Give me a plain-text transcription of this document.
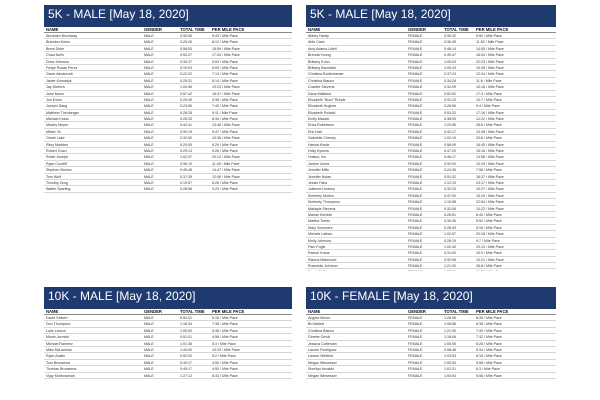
5K - MALE [May 18, 2020]
NAME	GENDER	TOTAL TIME	PER MILE PACE
Abraham Brockway	MALE	0:30:06	9:43 / Mile Pace
Brandon Kress	MALE	0:25:26	8:12 / Mile Pace
Brent Dube	MALE	0:58:53	18:59 / Mile Pace
Chad Nolin	MALE	0:54:27	17:34 / Mile Pace
Drew Johnson	MALE	0:30:37	9:53 / Mile Pace
Felipe Rosas Perez	MALE	0:19:03	6:09 / Mile Pace
Gavin Almanrodt	MALE	0:22:22	7:13 / Mile Pace
Javier Komadyk	MALE	0:25:31	8:14 / Mile Pace
Jay Dietrich	MALE	1:00:06	19:23 / Mile Pace
John Mann	MALE	0:57:42	18:37 / Mile Pace
Jon Exton	MALE	0:29:45	9:36 / Mile Pace
Joseph Dang	MALE	0:23:56	7:43 / Mile Pace
Matthew Theuberger	MALE	0:28:28	9:11 / Mile Pace
Michael Kraus	MALE	0:26:33	8:34 / Mile Pace
Mickey Meyer	MALE	0:42:41	13:46 / Mile Pace
Mister Ye	MALE	0:30:19	9:47 / Mile Pace
Omair Lake	MALE	0:32:50	10:36 / Mile Pace
Riley Madden	MALE	0:20:05	6:29 / Mile Pace
Robert Cosci	MALE	0:29:13	9:26 / Mile Pace
Robin Joseph	MALE	1:02:37	20:12 / Mile Pace
Ryan Cundiff	MALE	0:36:10	11:40 / Mile Pace
Stephen Morton	MALE	0:45:48	14:47 / Mile Pace
Tom Wolf	MALE	0:37:35	12:08 / Mile Pace
Timothy Zeng	MALE	0:19:57	6:26 / Mile Pace
Walter Sparling	MALE	0:28:56	9:20 / Mile Pace
5K - MALE [May 18, 2020]
NAME	GENDER	TOTAL TIME	PER MILE PACE
Abbey Hardy	FEMALE	0:30:32	9:50 / Mile Pace
Abbi Case	FEMALE	0:36:45	11:52 / Mile Pace
Amy Adams-Littell	FEMALE	0:46:14	14:55 / Mile Pace
Brenda Young	FEMALE	0:49:47	16:04 / Mile Pace
Brittany Kuhn	FEMALE	1:09:23	22:23 / Mile Pace
Brittany Barnickle	FEMALE	1:00:43	19:35 / Mile Pace
Christina Bodenhamer	FEMALE	0:37:24	12:04 / Mile Pace
Christina Bianco	FEMALE	0:34:28	11:8 / Mile Pace
Cosette Stevens	FEMALE	0:32:09	10:16 / Mile Pace
Dana Maitland	FEMALE	0:52:52	17:3 / Mile Pace
Elizabeth "Bizzi" Rohde	FEMALE	0:31:23	10:7 / Mile Pace
Elizabeth Hughes	FEMALE	0:28:56	9:4 / Mile Pace
Elizabeth Pulaski	FEMALE	0:53:32	17:16 / Mile Pace
Emily Macker	FEMALE	0:38:00	12:22 / Mile Pace
Erica Robertson	FEMALE	1:20:56	26:6 / Mile Pace
Erin Hart	FEMALE	0:42:17	13:38 / Mile Pace
Gabrielle Cheney	FEMALE	1:02:19	20:6 / Mile Pace
Hanna Kincle	FEMALE	0:58:09	18:45 / Mile Pace
Holly Kyness	FEMALE	0:47:20	15:16 / Mile Pace
Hutson, Inc	FEMALE	0:46:17	14:56 / Mile Pace
Janine Jones	FEMALE	0:32:00	10:19 / Mile Pace
Jennifer Mills	FEMALE	0:24:36	7:56 / Mile Pace
Jennifer Nolan	FEMALE	0:51:32	16:37 / Mile Pace
Jessie Fabs	FEMALE	1:12:10	23:17 / Mile Pace
Julienne Lindsey	FEMALE	0:32:23	10:27 / Mile Pace
Kimberly Molton	FEMALE	0:47:00	15:10 / Mile Pace
Kimberly Thompson	FEMALE	1:10:58	22:54 / Mile Pace
Makayla Stevens	FEMALE	0:32:08	10:22 / Mile Pace
Mariah Kemble	FEMALE	0:26:51	8:40 / Mile Pace
Martha Torres	FEMALE	0:30:36	9:52 / Mile Pace
Mary Sommers	FEMALE	0:28:43	9:16 / Mile Pace
Michele Lathan	FEMALE	1:02:57	20:18 / Mile Pace
Molly Johnson	FEMALE	0:28:19	9:7 / Mile Pace
Pam Fogle	FEMALE	1:02:40	20:13 / Mile Pace
Rachel Kraus	FEMALE	0:31:00	10:0 / Mile Pace
Rianna Mahmood	FEMALE	0:32:06	10:21 / Mile Pace
Ruscinda Johnson	FEMALE	1:21:00	26:8 / Mile Pace
10K - MALE [May 18, 2020]
NAME	GENDER	TOTAL TIME	PER MILE PACE
David Seibert	MALE	0:53:31	5:16 / Mile Pace
Don Thompson	MALE	1:18:34	7:36 / Mile Pace
Luke Larson	MALE	1:00:00	5:48 / Mile Pace
Micah Jormich	MALE	0:51:01	4:56 / Mile Pace
Michael Ramirez	MALE	1:01:38	5:3 / Mile Pace
Mike McLachlan	MALE	1:40:00	10:33 / Mile Pace
Ryan Austin	MALE	0:52:00	5:2 / Mile Pace
Tom Brunsema	MALE	0:49:17	4:50 / Mile Pace
Thomas Brunsema	MALE	0:49:17	4:50 / Mile Pace
Vijay Muthuraman	MALE	1:27:12	8:33 / Mile Pace
10K - FEMALE [May 18, 2020]
NAME	GENDER	TOTAL TIME	PER MILE PACE
Angela Moore	FEMALE	1:28:55	8:35 / Mile Pace
Bri Mallett	FEMALE	1:08:56	6:38 / Mile Pace
Christina Bianco	FEMALE	1:21:00	7:49 / Mile Pace
Ginette Omoti	FEMALE	1:18:06	7:32 / Mile Pace
Jessica Cottercan	FEMALE	1:05:55	6:28 / Mile Pace
Lauren Rodriguez	FEMALE	0:58:48	5:34 / Mile Pace
Lauren Winfield	FEMALE	1:03:53	6:15 / Mile Pace
Megan Wiesesser	FEMALE	1:00:54	5:58 / Mile Pace
Sherilyn Arnaldo	FEMALE	1:02:31	6:3 / Mile Pace
Megan Wiesesser	FEMALE	1:00:54	5:58 / Mile Pace
